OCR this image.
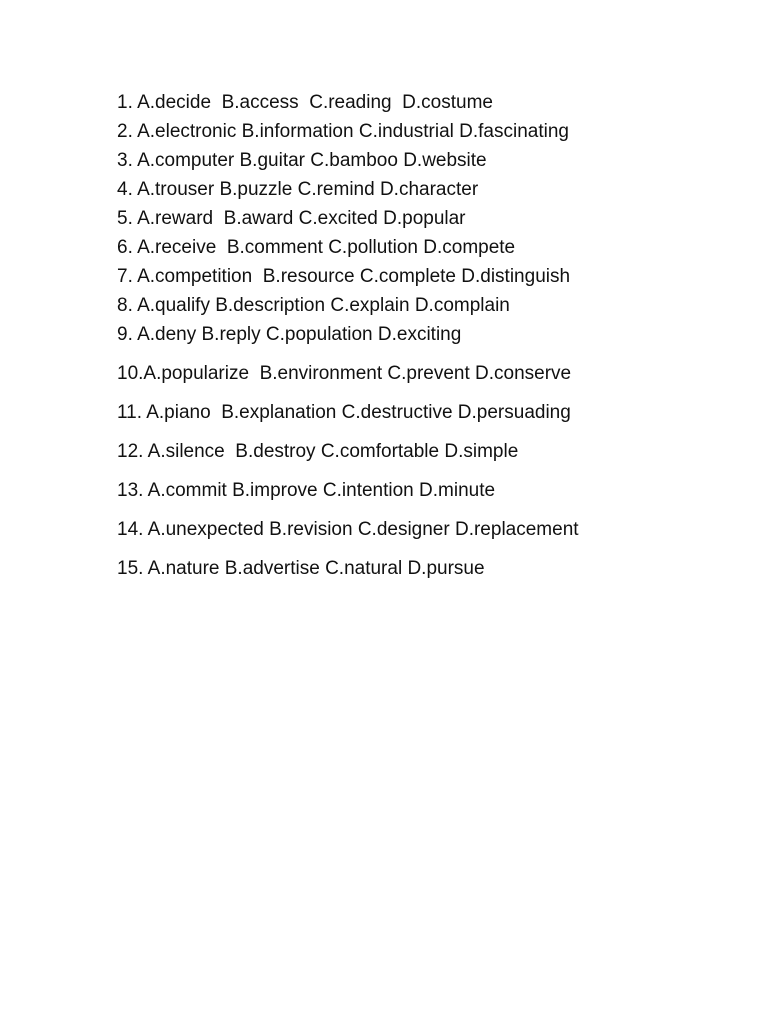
1. A.decide  B.access  C.reading  D.costume
2. A.electronic B.information C.industrial D.fascinating
3. A.computer B.guitar C.bamboo D.website
4. A.trouser B.puzzle C.remind D.character
5. A.reward  B.award C.excited D.popular
6. A.receive  B.comment C.pollution D.compete
7. A.competition  B.resource C.complete D.distinguish
8. A.qualify B.description C.explain D.complain
9. A.deny B.reply C.population D.exciting
10.A.popularize  B.environment C.prevent D.conserve
11. A.piano  B.explanation C.destructive D.persuading
12. A.silence  B.destroy C.comfortable D.simple
13. A.commit B.improve C.intention D.minute
14. A.unexpected B.revision C.designer D.replacement
15. A.nature B.advertise C.natural D.pursue
